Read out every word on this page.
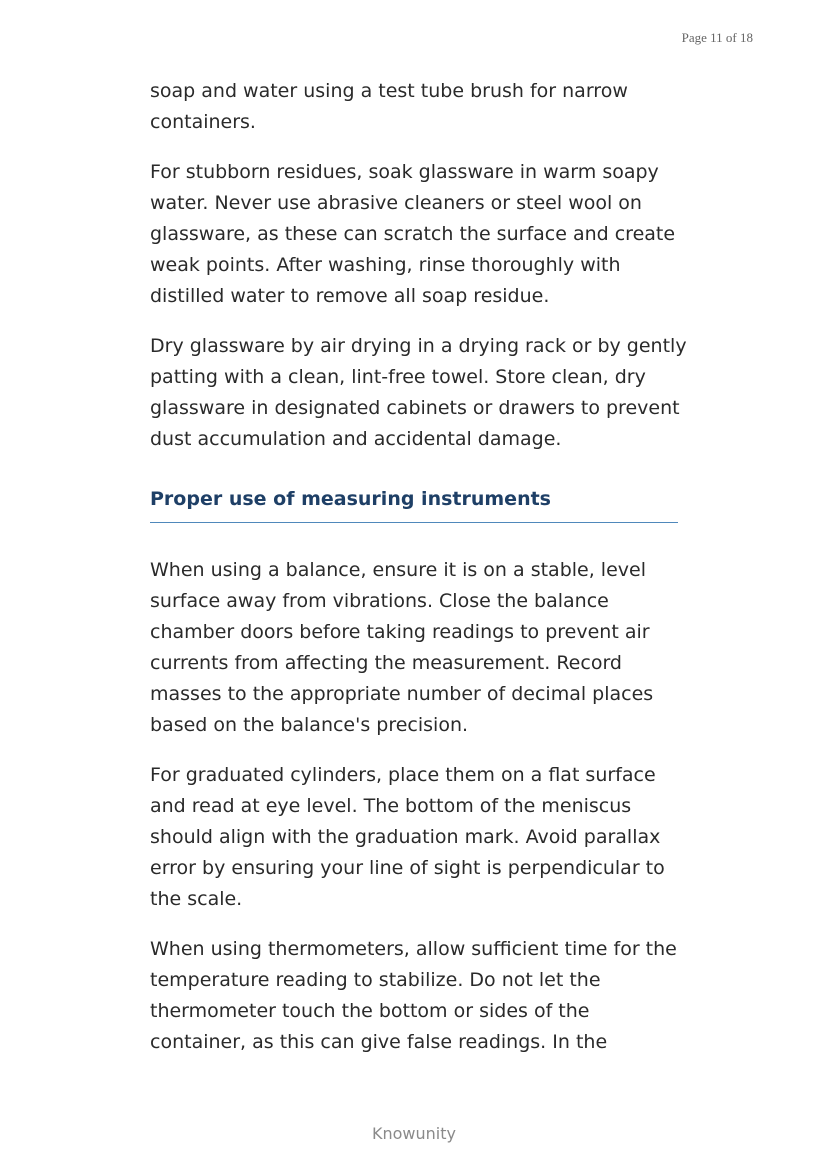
Page 11 of 18

soap and water using a test tube brush for narrow containers.

For stubborn residues, soak glassware in warm soapy water. Never use abrasive cleaners or steel wool on glassware, as these can scratch the surface and create weak points. After washing, rinse thoroughly with distilled water to remove all soap residue.

Dry glassware by air drying in a drying rack or by gently patting with a clean, lint-free towel. Store clean, dry glassware in designated cabinets or drawers to prevent dust accumulation and accidental damage.

Proper use of measuring instruments

When using a balance, ensure it is on a stable, level surface away from vibrations. Close the balance chamber doors before taking readings to prevent air currents from affecting the measurement. Record masses to the appropriate number of decimal places based on the balance's precision.

For graduated cylinders, place them on a flat surface and read at eye level. The bottom of the meniscus should align with the graduation mark. Avoid parallax error by ensuring your line of sight is perpendicular to the scale.

When using thermometers, allow sufficient time for the temperature reading to stabilize. Do not let the thermometer touch the bottom or sides of the container, as this can give false readings. In the

Knowunity
